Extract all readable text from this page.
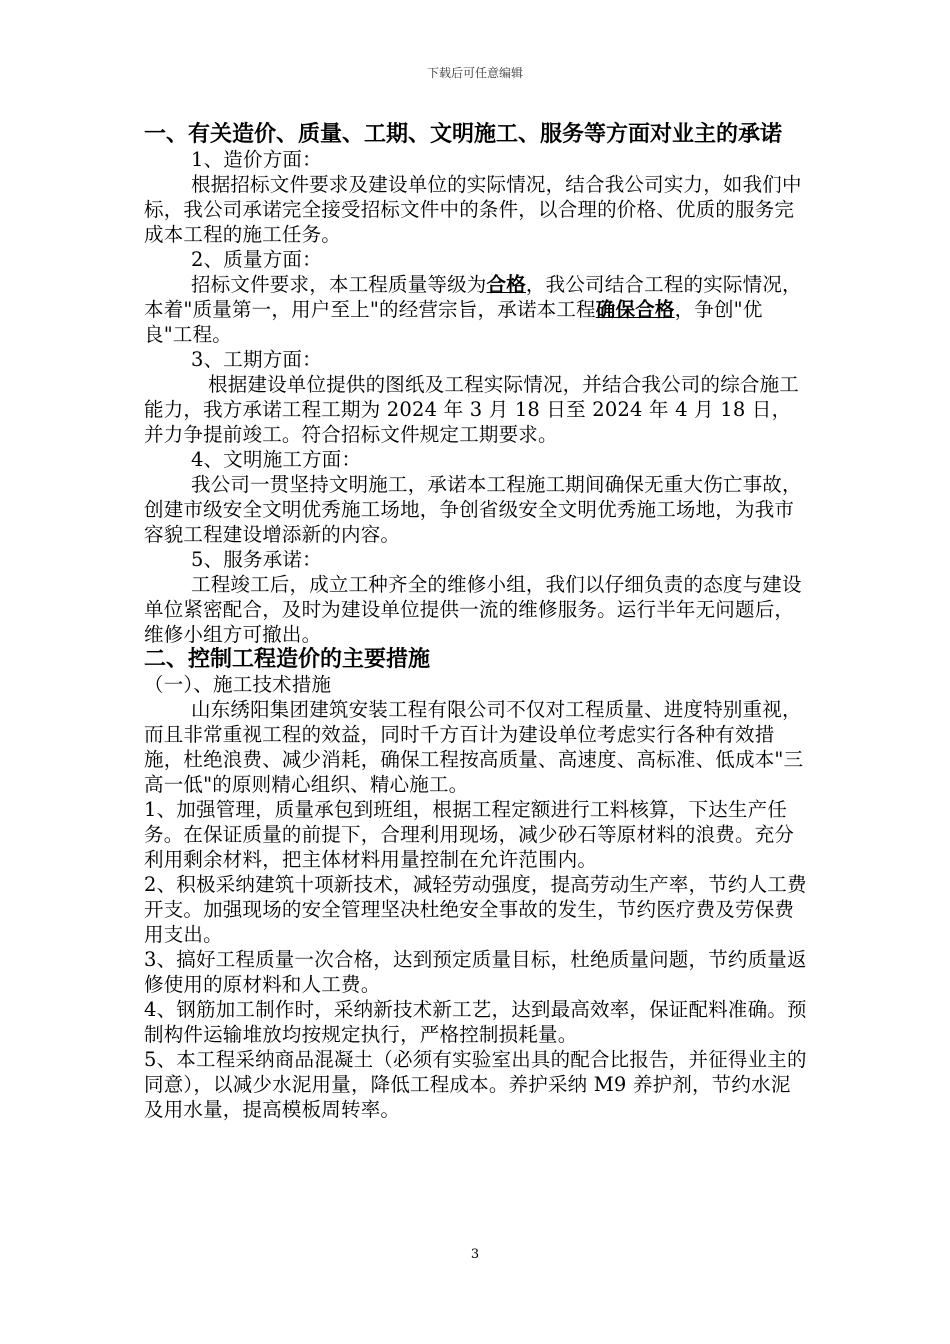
下载后可任意编辑

一、有关造价、质量、工期、文明施工、服务等方面对业主的承诺

1、造价方面：

根据招标文件要求及建设单位的实际情况，结合我公司实力，如我们中标，我公司承诺完全接受招标文件中的条件，以合理的价格、优质的服务完成本工程的施工任务。

2、质量方面：

招标文件要求，本工程质量等级为合格，我公司结合工程的实际情况，本着"质量第一，用户至上"的经营宗旨，承诺本工程确保合格，争创"优良"工程。

3、工期方面：

根据建设单位提供的图纸及工程实际情况，并结合我公司的综合施工能力，我方承诺工程工期为 2024 年 3 月 18 日至 2024 年 4 月 18 日，并力争提前竣工。符合招标文件规定工期要求。

4、文明施工方面：

我公司一贯坚持文明施工，承诺本工程施工期间确保无重大伤亡事故，创建市级安全文明优秀施工场地，争创省级安全文明优秀施工场地，为我市容貌工程建设增添新的内容。

5、服务承诺：

工程竣工后，成立工种齐全的维修小组，我们以仔细负责的态度与建设单位紧密配合，及时为建设单位提供一流的维修服务。运行半年无问题后，维修小组方可撤出。

二、控制工程造价的主要措施

（一）、施工技术措施

山东绣阳集团建筑安装工程有限公司不仅对工程质量、进度特别重视，而且非常重视工程的效益，同时千方百计为建设单位考虑实行各种有效措施，杜绝浪费、减少消耗，确保工程按高质量、高速度、高标准、低成本"三高一低"的原则精心组织、精心施工。

1、加强管理，质量承包到班组，根据工程定额进行工料核算，下达生产任务。在保证质量的前提下，合理利用现场，减少砂石等原材料的浪费。充分利用剩余材料，把主体材料用量控制在允许范围内。

2、积极采纳建筑十项新技术，减轻劳动强度，提高劳动生产率，节约人工费开支。加强现场的安全管理坚决杜绝安全事故的发生，节约医疗费及劳保费用支出。

3、搞好工程质量一次合格，达到预定质量目标，杜绝质量问题，节约质量返修使用的原材料和人工费。

4、钢筋加工制作时，采纳新技术新工艺，达到最高效率，保证配料准确。预制构件运输堆放均按规定执行，严格控制损耗量。

5、本工程采纳商品混凝土（必须有实验室出具的配合比报告，并征得业主的同意），以减少水泥用量，降低工程成本。养护采纳 M9 养护剂，节约水泥及用水量，提高模板周转率。

3
